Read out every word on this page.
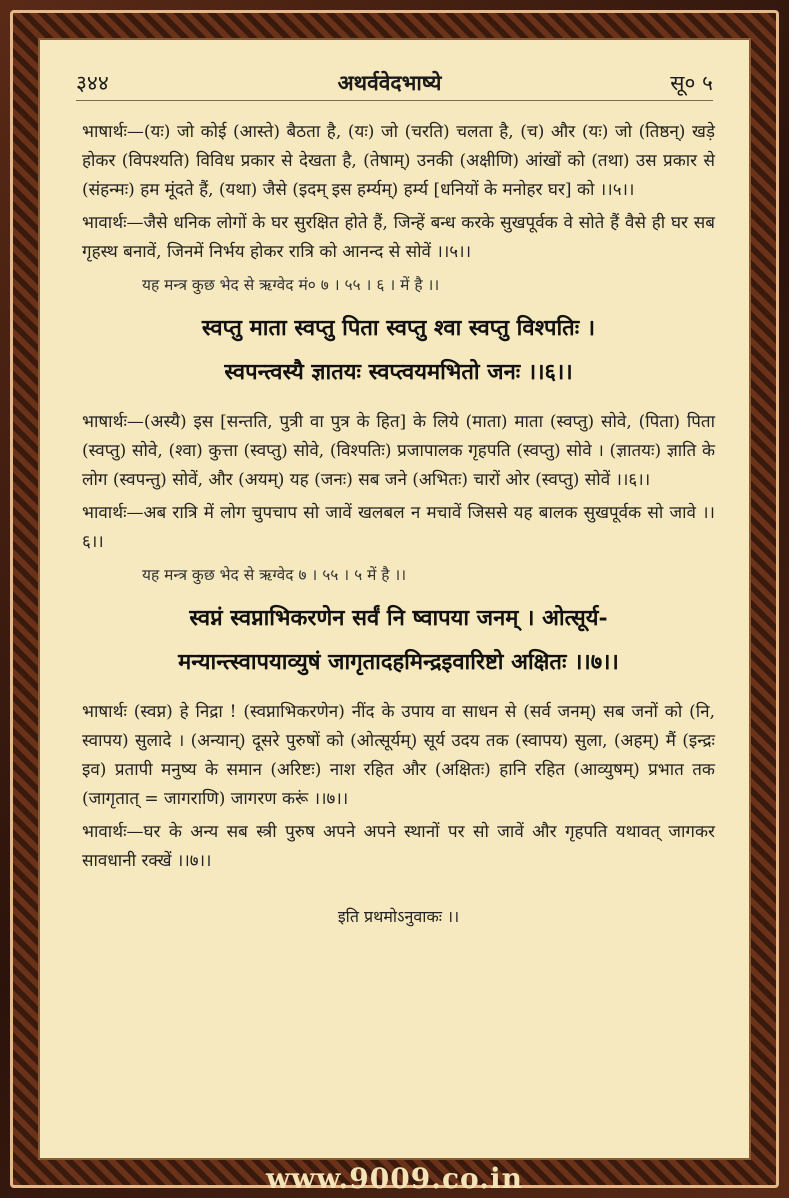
३४४	अथर्ववेदभाष्ये	सू० ५

भाषार्थः—(यः) जो कोई (आस्ते) बैठता है, (यः) जो (चरति) चलता है, (च) और (यः) जो (तिष्ठन्) खड़े होकर (विपश्यति) विविध प्रकार से देखता है, (तेषाम्) उनकी (अक्षीणि) आंखों को (तथा) उस प्रकार से (संहन्मः) हम मूंदते हैं, (यथा) जैसे (इदम् इस हर्म्यम्) हर्म्य [धनियों के मनोहर घर] को ।।५।।

भावार्थः—जैसे धनिक लोगों के घर सुरक्षित होते हैं, जिन्हें बन्ध करके सुखपूर्वक वे सोते हैं वैसे ही घर सब गृहस्थ बनावें, जिनमें निर्भय होकर रात्रि को आनन्द से सोवें ।।५।।

यह मन्त्र कुछ भेद से ऋग्वेद मं० ७ । ५५ । ६ । में है ।।

स्वप्तु माता स्वप्तु पिता स्वप्तु श्वा स्वप्तु विश्पतिः ।
स्वपन्त्वस्यै ज्ञातयः स्वप्त्वयमभितो जनः ।।६।।

भाषार्थः—(अस्यै) इस [सन्तति, पुत्री वा पुत्र के हित] के लिये (माता) माता (स्वप्तु) सोवे, (पिता) पिता (स्वप्तु) सोवे, (श्वा) कुत्ता (स्वप्तु) सोवे, (विश्पतिः) प्रजापालक गृहपति (स्वप्तु) सोवे । (ज्ञातयः) ज्ञाति के लोग (स्वपन्तु) सोवें, और (अयम्) यह (जनः) सब जने (अभितः) चारों ओर (स्वप्तु) सोवें ।।६।।

भावार्थः—अब रात्रि में लोग चुपचाप सो जावें खलबल न मचावें जिससे यह बालक सुखपूर्वक सो जावे ।।६।।

यह मन्त्र कुछ भेद से ऋग्वेद ७ । ५५ । ५ में है ।।

स्वप्नं स्वप्नाभिकरणेन सर्वं नि ष्वापया जनम् । ओत्सूर्य-
मन्यान्त्स्वापयाव्युषं जागृतादहमिन्द्रइवारिष्टो अक्षितः ।।७।।

भाषार्थः (स्वप्न) हे निद्रा ! (स्वप्नाभिकरणेन) नींद के उपाय वा साधन से (सर्व जनम्) सब जनों को (नि, स्वापय) सुलादे । (अन्यान्) दूसरे पुरुषों को (ओत्सूर्यम्) सूर्य उदय तक (स्वापय) सुला, (अहम्) मैं (इन्द्रः इव) प्रतापी मनुष्य के समान (अरिष्टः) नाश रहित और (अक्षितः) हानि रहित (आव्युषम्) प्रभात तक (जागृतात् = जागराणि) जागरण करूं ।।७।।

भावार्थः—घर के अन्य सब स्त्री पुरुष अपने अपने स्थानों पर सो जावें और गृहपति यथावत् जागकर सावधानी रक्खें ।।७।।

इति प्रथमोऽनुवाकः ।।
www.9009.co.in
